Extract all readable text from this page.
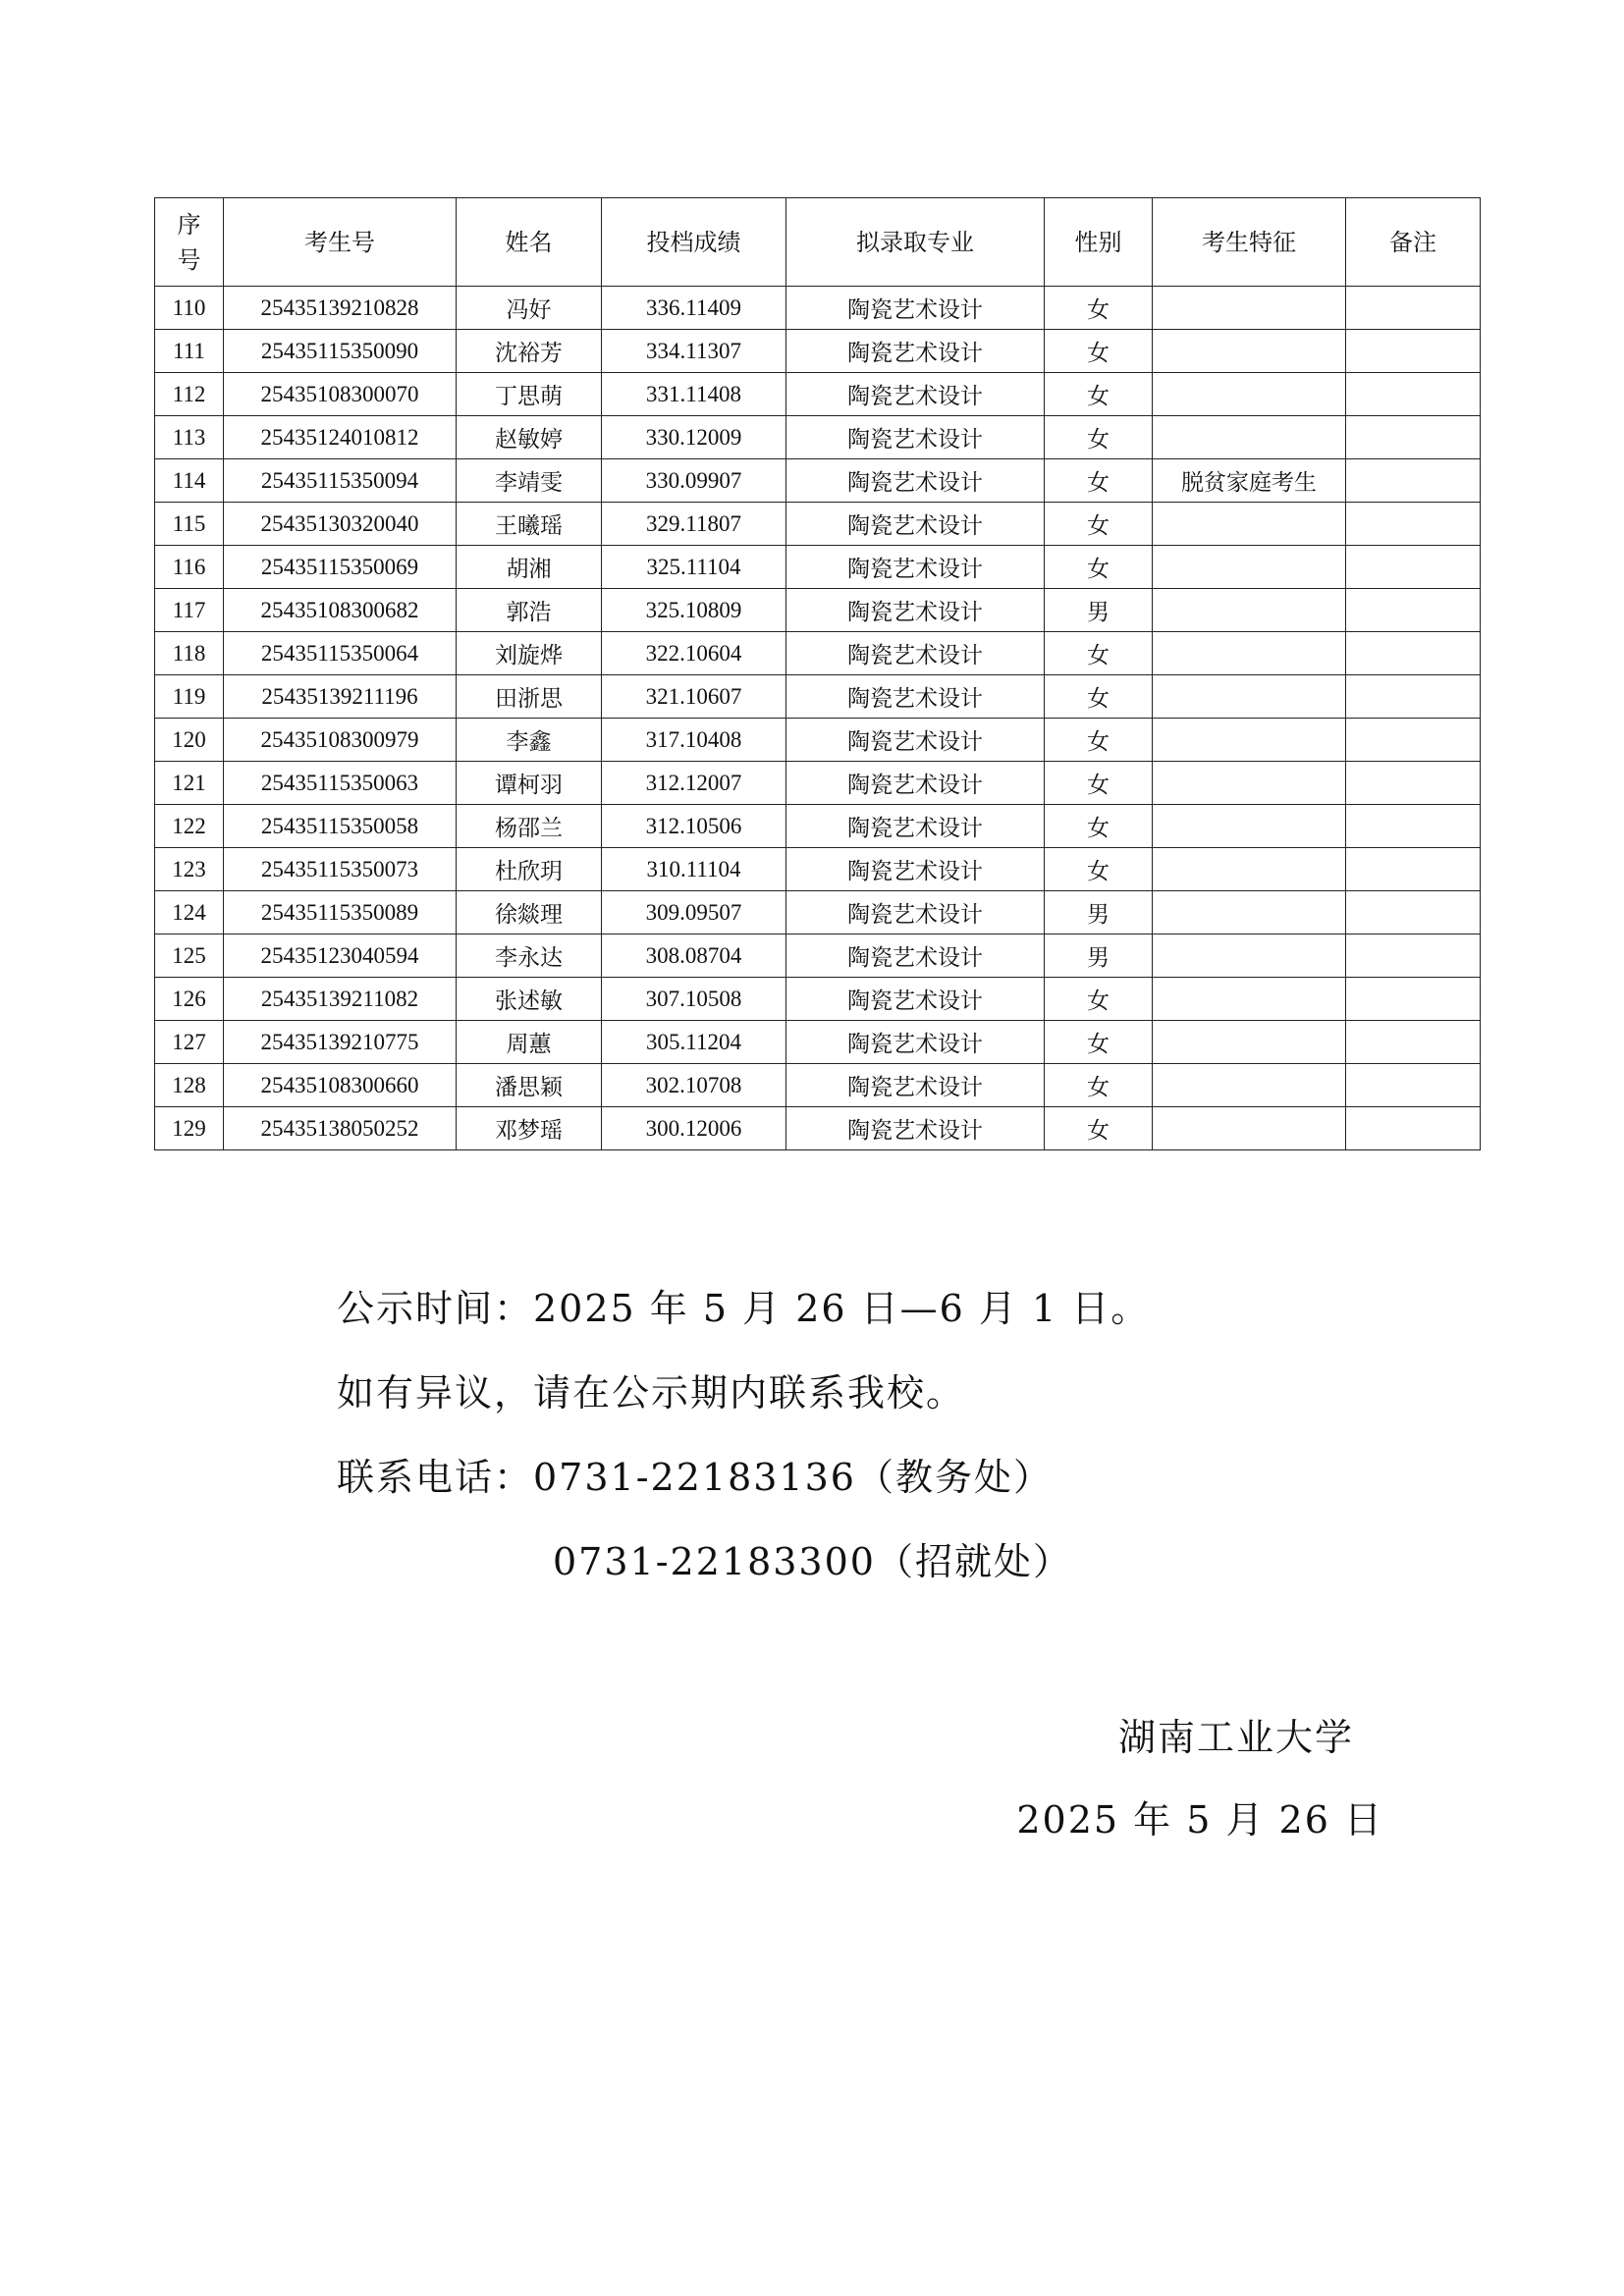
序号	考生号	姓名	投档成绩	拟录取专业	性别	考生特征	备注
110	25435139210828	冯好	336.11409	陶瓷艺术设计	女		
111	25435115350090	沈裕芳	334.11307	陶瓷艺术设计	女		
112	25435108300070	丁思萌	331.11408	陶瓷艺术设计	女		
113	25435124010812	赵敏婷	330.12009	陶瓷艺术设计	女		
114	25435115350094	李靖雯	330.09907	陶瓷艺术设计	女	脱贫家庭考生	
115	25435130320040	王曦瑶	329.11807	陶瓷艺术设计	女		
116	25435115350069	胡湘	325.11104	陶瓷艺术设计	女		
117	25435108300682	郭浩	325.10809	陶瓷艺术设计	男		
118	25435115350064	刘旋烨	322.10604	陶瓷艺术设计	女		
119	25435139211196	田浙思	321.10607	陶瓷艺术设计	女		
120	25435108300979	李鑫	317.10408	陶瓷艺术设计	女		
121	25435115350063	谭柯羽	312.12007	陶瓷艺术设计	女		
122	25435115350058	杨邵兰	312.10506	陶瓷艺术设计	女		
123	25435115350073	杜欣玥	310.11104	陶瓷艺术设计	女		
124	25435115350089	徐燚理	309.09507	陶瓷艺术设计	男		
125	25435123040594	李永达	308.08704	陶瓷艺术设计	男		
126	25435139211082	张述敏	307.10508	陶瓷艺术设计	女		
127	25435139210775	周蕙	305.11204	陶瓷艺术设计	女		
128	25435108300660	潘思颖	302.10708	陶瓷艺术设计	女		
129	25435138050252	邓梦瑶	300.12006	陶瓷艺术设计	女		
公示时间：2025 年 5 月 26 日—6 月 1 日。
如有异议，请在公示期内联系我校。
联系电话：0731-22183136（教务处）
0731-22183300（招就处）
湖南工业大学
2025 年 5 月 26 日
